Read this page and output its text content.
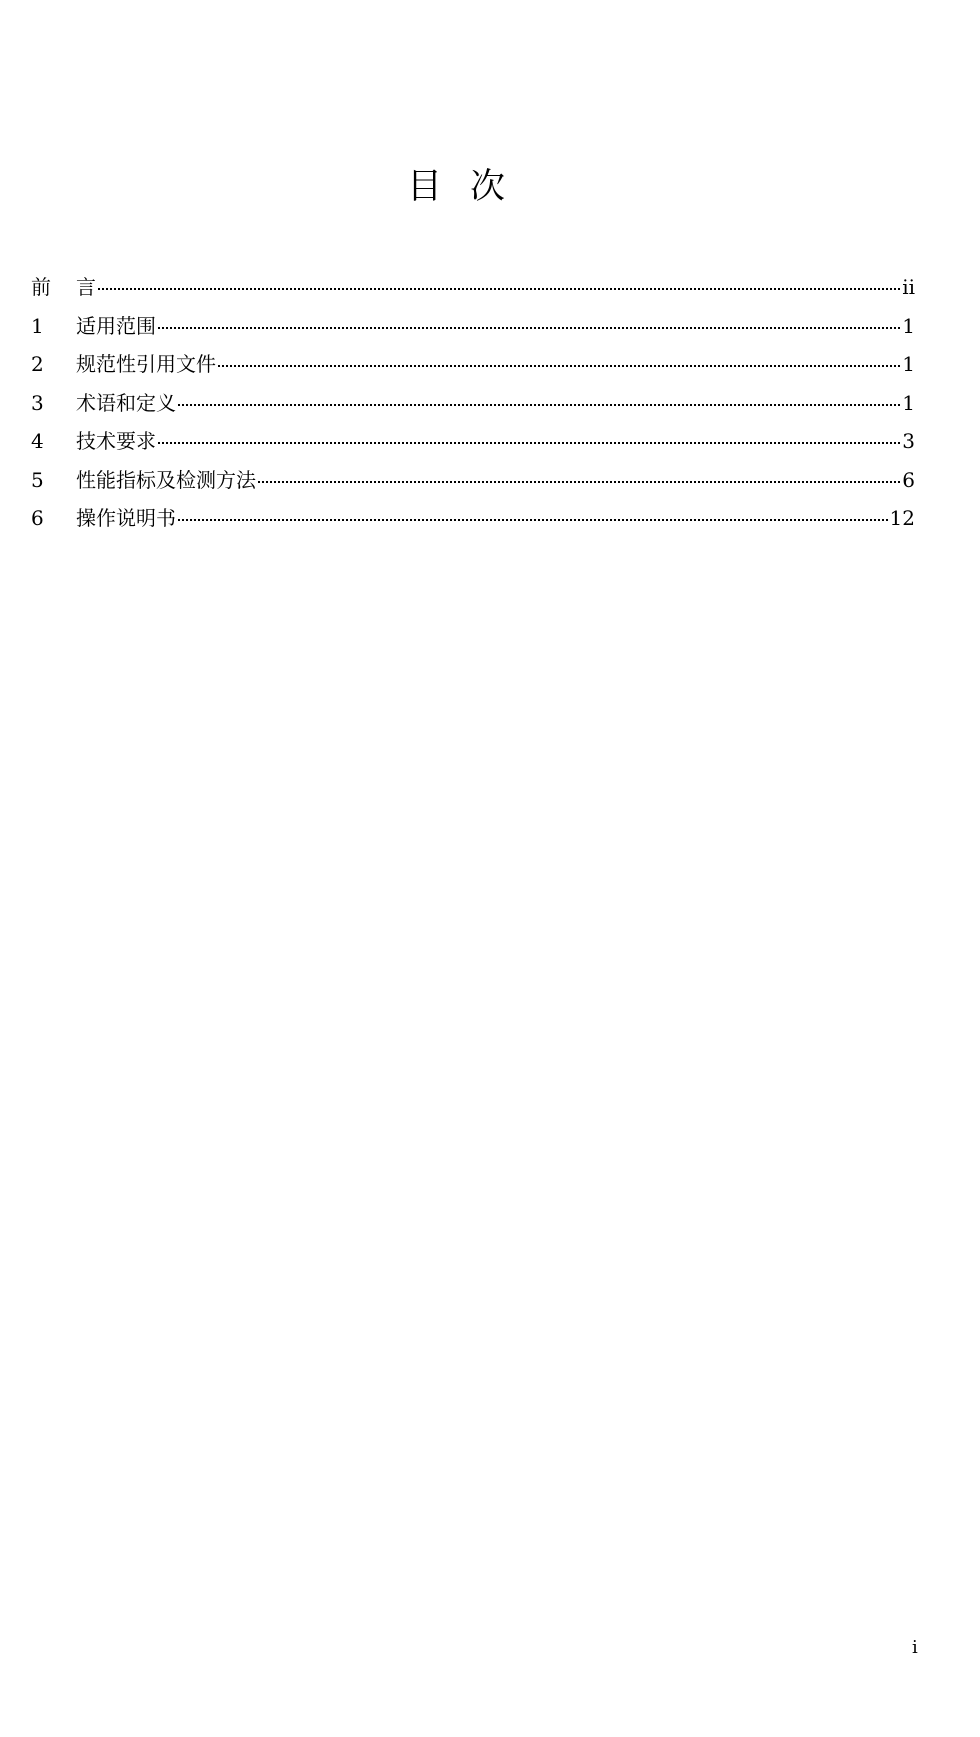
目次
前	言	ii
1	适用范围	1
2	规范性引用文件	1
3	术语和定义	1
4	技术要求	3
5	性能指标及检测方法	6
6	操作说明书	12
i
